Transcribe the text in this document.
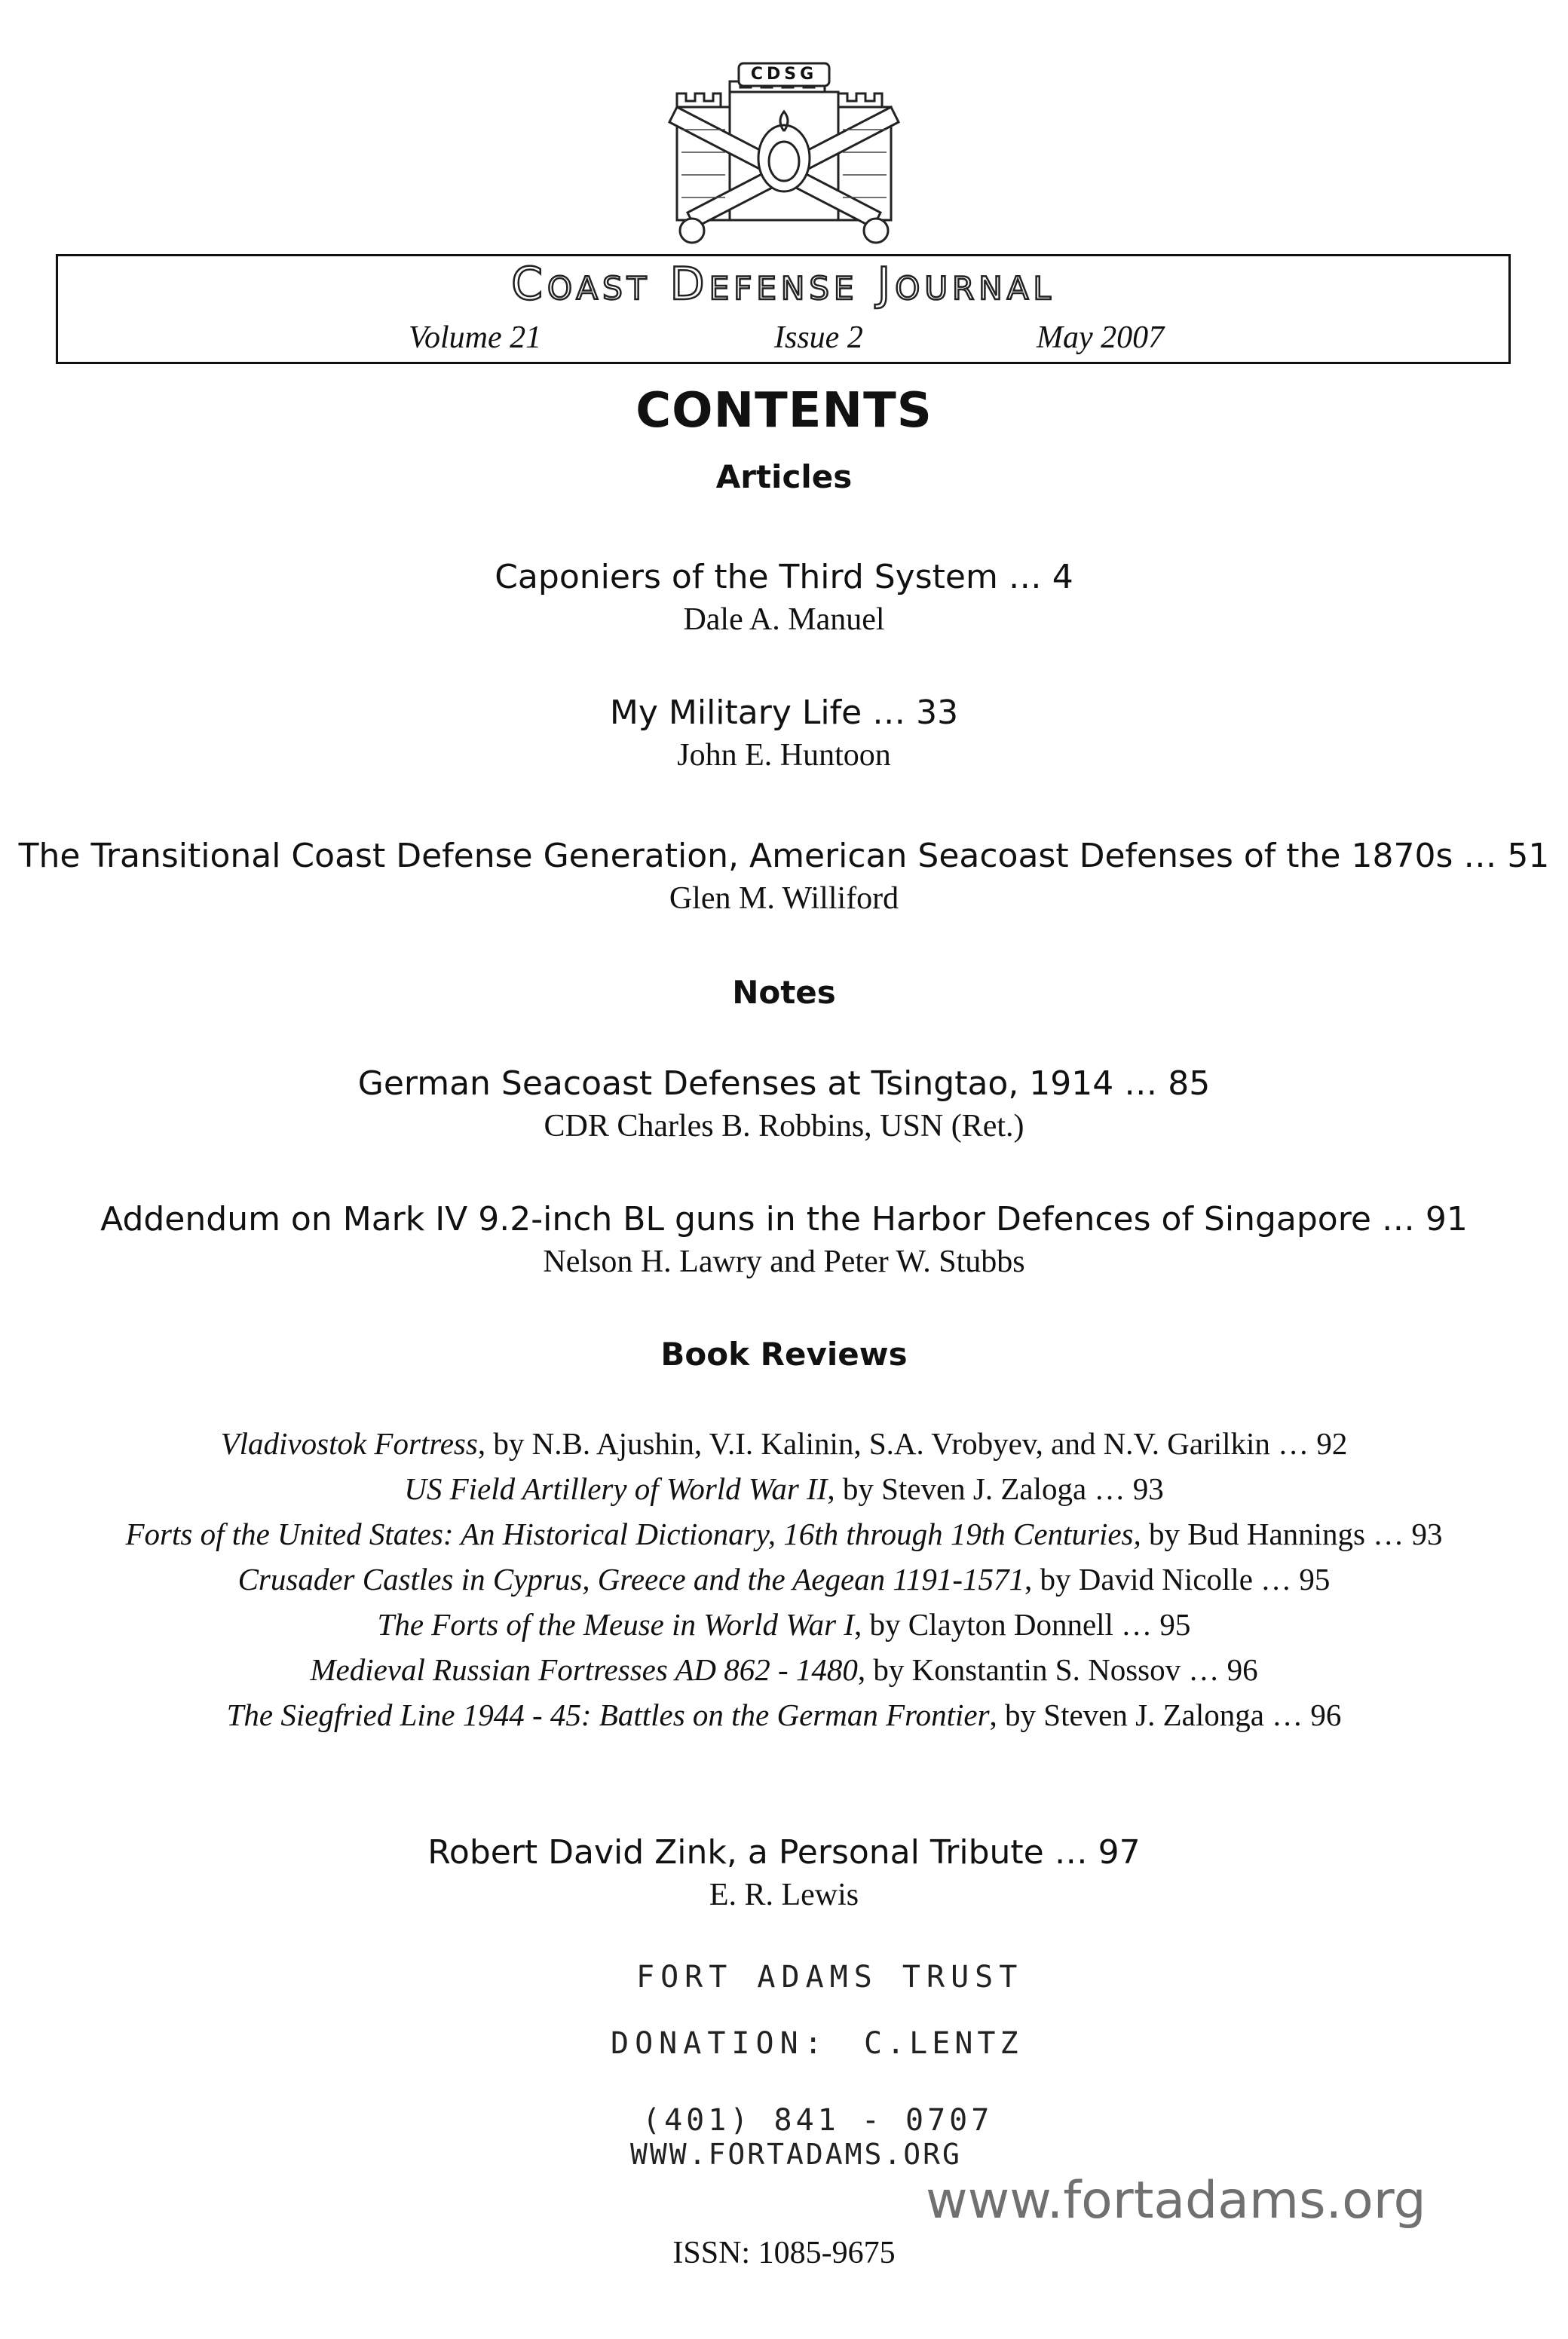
CDSG
Coast Defense Journal
Volume 21	Issue 2	May 2007
CONTENTS
Articles
Caponiers of the Third System … 4
Dale A. Manuel
My Military Life … 33
John E. Huntoon
The Transitional Coast Defense Generation, American Seacoast Defenses of the 1870s … 51
Glen M. Williford
Notes
German Seacoast Defenses at Tsingtao, 1914 … 85
CDR Charles B. Robbins, USN (Ret.)
Addendum on Mark IV 9.2-inch BL guns in the Harbor Defences of Singapore … 91
Nelson H. Lawry and Peter W. Stubbs
Book Reviews
Vladivostok Fortress, by N.B. Ajushin, V.I. Kalinin, S.A. Vrobyev, and N.V. Garilkin … 92
US Field Artillery of World War II, by Steven J. Zaloga … 93
Forts of the United States: An Historical Dictionary, 16th through 19th Centuries, by Bud Hannings … 93
Crusader Castles in Cyprus, Greece and the Aegean 1191-1571, by David Nicolle … 95
The Forts of the Meuse in World War I, by Clayton Donnell … 95
Medieval Russian Fortresses AD 862 - 1480, by Konstantin S. Nossov … 96
The Siegfried Line 1944 - 45: Battles on the German Frontier, by Steven J. Zalonga … 96
Robert David Zink, a Personal Tribute … 97
E. R. Lewis
FORT ADAMS TRUST
DONATION: C.LENTZ
(401) 841 - 0707
WWW.FORTADAMS.ORG
www.fortadams.org
ISSN: 1085-9675
